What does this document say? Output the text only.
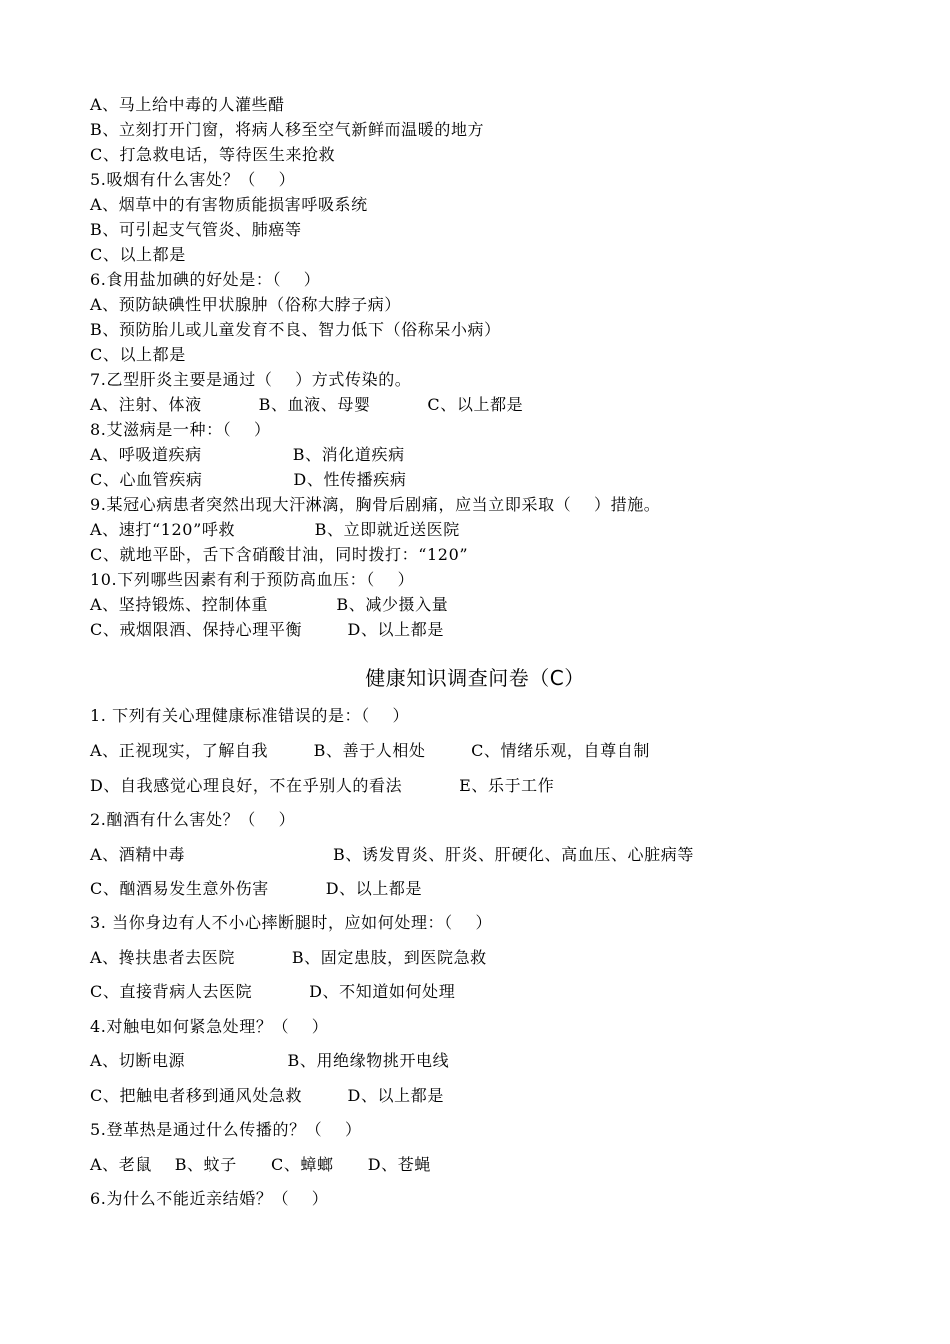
A、马上给中毒的人灌些醋
B、立刻打开门窗，将病人移至空气新鲜而温暖的地方
C、打急救电话，等待医生来抢救
5.吸烟有什么害处？（    ）
A、烟草中的有害物质能损害呼吸系统
B、可引起支气管炎、肺癌等
C、以上都是
6.食用盐加碘的好处是：（    ）
A、预防缺碘性甲状腺肿（俗称大脖子病）
B、预防胎儿或儿童发育不良、智力低下（俗称呆小病）
C、以上都是
7.乙型肝炎主要是通过（    ）方式传染的。
A、注射、体液          B、血液、母婴          C、以上都是
8.艾滋病是一种：（    ）
A、呼吸道疾病                B、消化道疾病
C、心血管疾病                D、性传播疾病
9.某冠心病患者突然出现大汗淋漓，胸骨后剧痛，应当立即采取（    ）措施。
A、速打“120”呼救              B、立即就近送医院
C、就地平卧，舌下含硝酸甘油，同时拨打：“120”
10.下列哪些因素有利于预防高血压：（    ）
A、坚持锻炼、控制体重            B、减少摄入量
C、戒烟限酒、保持心理平衡        D、以上都是
健康知识调查问卷（C）
1. 下列有关心理健康标准错误的是：（    ）
A、正视现实，了解自我        B、善于人相处        C、情绪乐观，自尊自制
D、自我感觉心理良好，不在乎别人的看法          E、乐于工作
2.酗酒有什么害处？（    ）
A、酒精中毒                          B、诱发胃炎、肝炎、肝硬化、高血压、心脏病等
C、酗酒易发生意外伤害          D、以上都是
3. 当你身边有人不小心摔断腿时，应如何处理：（    ）
A、搀扶患者去医院          B、固定患肢，到医院急救
C、直接背病人去医院          D、不知道如何处理
4.对触电如何紧急处理？（    ）
A、切断电源                  B、用绝缘物挑开电线
C、把触电者移到通风处急救        D、以上都是
5.登革热是通过什么传播的？（    ）
A、老鼠    B、蚊子      C、蟑螂      D、苍蝇
6.为什么不能近亲结婚？（    ）
